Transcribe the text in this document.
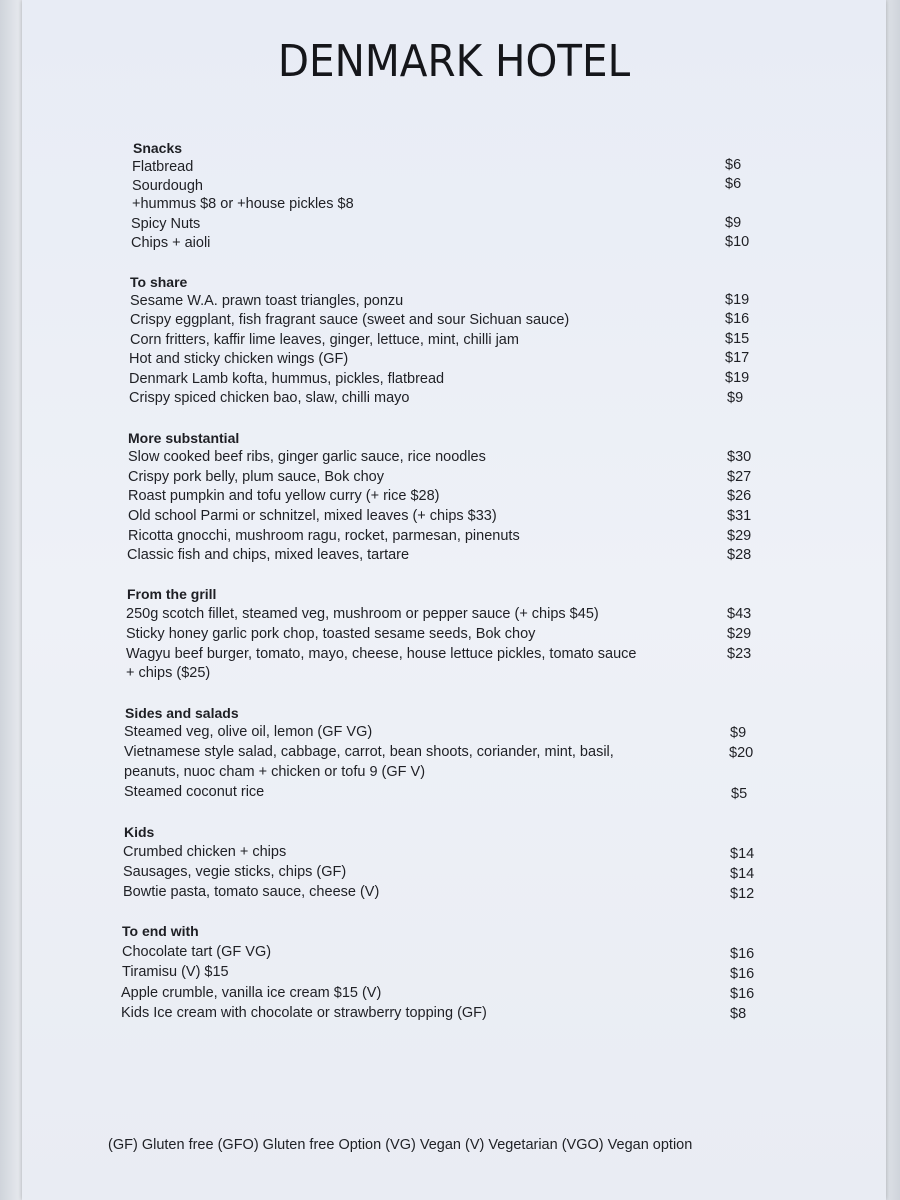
DENMARK HOTEL
Snacks
Flatbread	$6
Sourdough	$6
+hummus $8 or +house pickles $8
Spicy Nuts	$9
Chips + aioli	$10
To share
Sesame W.A. prawn toast triangles, ponzu	$19
Crispy eggplant, fish fragrant sauce (sweet and sour Sichuan sauce)	$16
Corn fritters, kaffir lime leaves, ginger, lettuce, mint, chilli jam	$15
Hot and sticky chicken wings (GF)	$17
Denmark Lamb kofta, hummus, pickles, flatbread	$19
Crispy spiced chicken bao, slaw, chilli mayo	$9
More substantial
Slow cooked beef ribs, ginger garlic sauce, rice noodles	$30
Crispy pork belly, plum sauce, Bok choy	$27
Roast pumpkin and tofu yellow curry (+ rice $28)	$26
Old school Parmi or schnitzel, mixed leaves (+ chips $33)	$31
Ricotta gnocchi, mushroom ragu, rocket, parmesan, pinenuts	$29
Classic fish and chips, mixed leaves, tartare	$28
From the grill
250g scotch fillet, steamed veg, mushroom or pepper sauce (+ chips $45)	$43
Sticky honey garlic pork chop, toasted sesame seeds, Bok choy	$29
Wagyu beef burger, tomato, mayo, cheese, house lettuce pickles, tomato sauce	$23
+ chips ($25)
Sides and salads
Steamed veg, olive oil, lemon (GF VG)	$9
Vietnamese style salad, cabbage, carrot, bean shoots, coriander, mint, basil,	$20
peanuts, nuoc cham + chicken or tofu 9 (GF V)
Steamed coconut rice	$5
Kids
Crumbed chicken + chips	$14
Sausages, vegie sticks, chips (GF)	$14
Bowtie pasta, tomato sauce, cheese (V)	$12
To end with
Chocolate tart (GF VG)	$16
Tiramisu (V) $15	$16
Apple crumble, vanilla ice cream $15 (V)	$16
Kids Ice cream with chocolate or strawberry topping (GF)	$8
(GF) Gluten free (GFO) Gluten free Option (VG) Vegan (V) Vegetarian (VGO) Vegan option
